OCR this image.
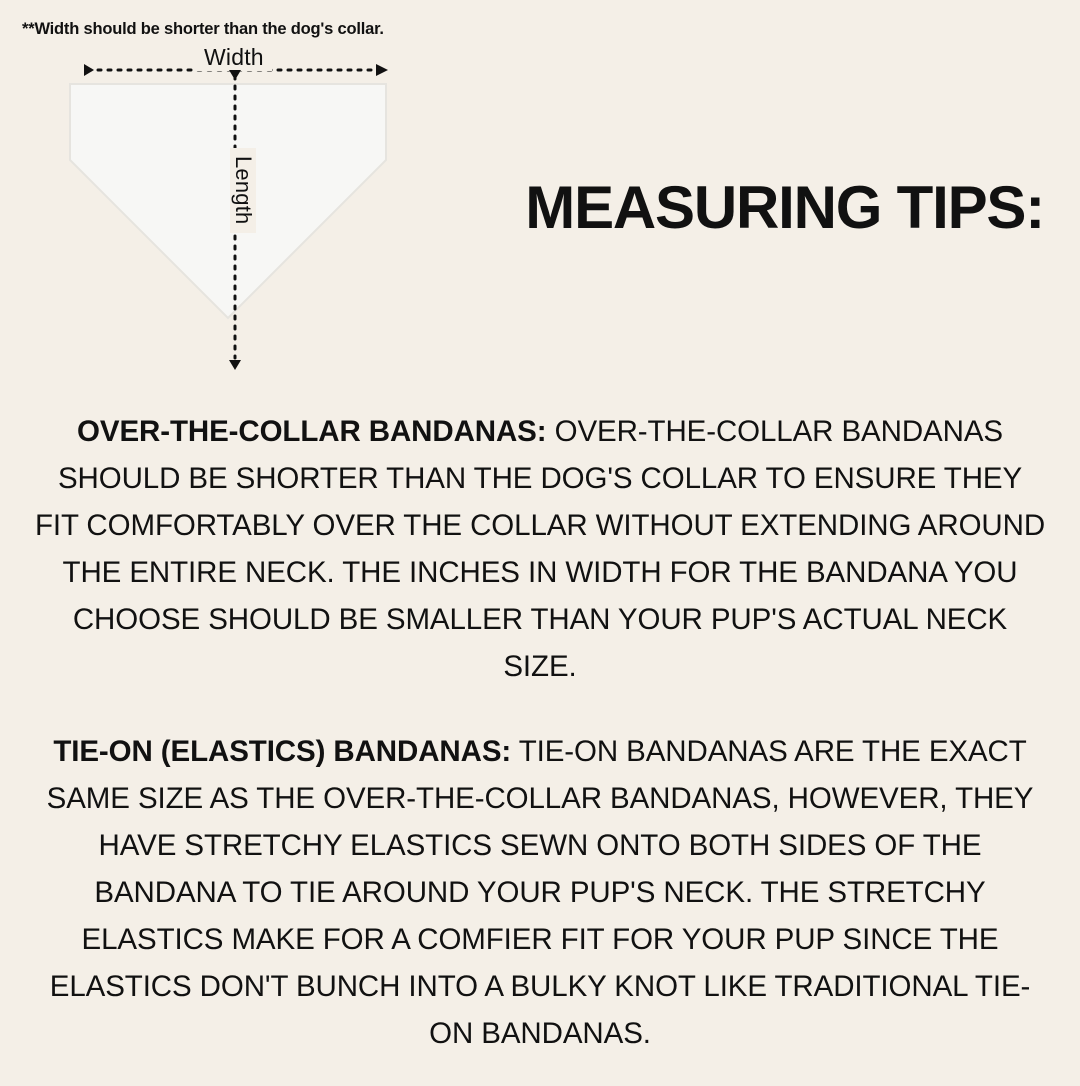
**Width should be shorter than the dog's collar.
Width
Length	MEASURING TIPS:

OVER-THE-COLLAR BANDANAS: OVER-THE-COLLAR BANDANAS SHOULD BE SHORTER THAN THE DOG'S COLLAR TO ENSURE THEY FIT COMFORTABLY OVER THE COLLAR WITHOUT EXTENDING AROUND THE ENTIRE NECK. THE INCHES IN WIDTH FOR THE BANDANA YOU CHOOSE SHOULD BE SMALLER THAN YOUR PUP'S ACTUAL NECK SIZE.

TIE-ON (ELASTICS) BANDANAS: TIE-ON BANDANAS ARE THE EXACT SAME SIZE AS THE OVER-THE-COLLAR BANDANAS, HOWEVER, THEY HAVE STRETCHY ELASTICS SEWN ONTO BOTH SIDES OF THE BANDANA TO TIE AROUND YOUR PUP'S NECK. THE STRETCHY ELASTICS MAKE FOR A COMFIER FIT FOR YOUR PUP SINCE THE ELASTICS DON'T BUNCH INTO A BULKY KNOT LIKE TRADITIONAL TIE-ON BANDANAS.
